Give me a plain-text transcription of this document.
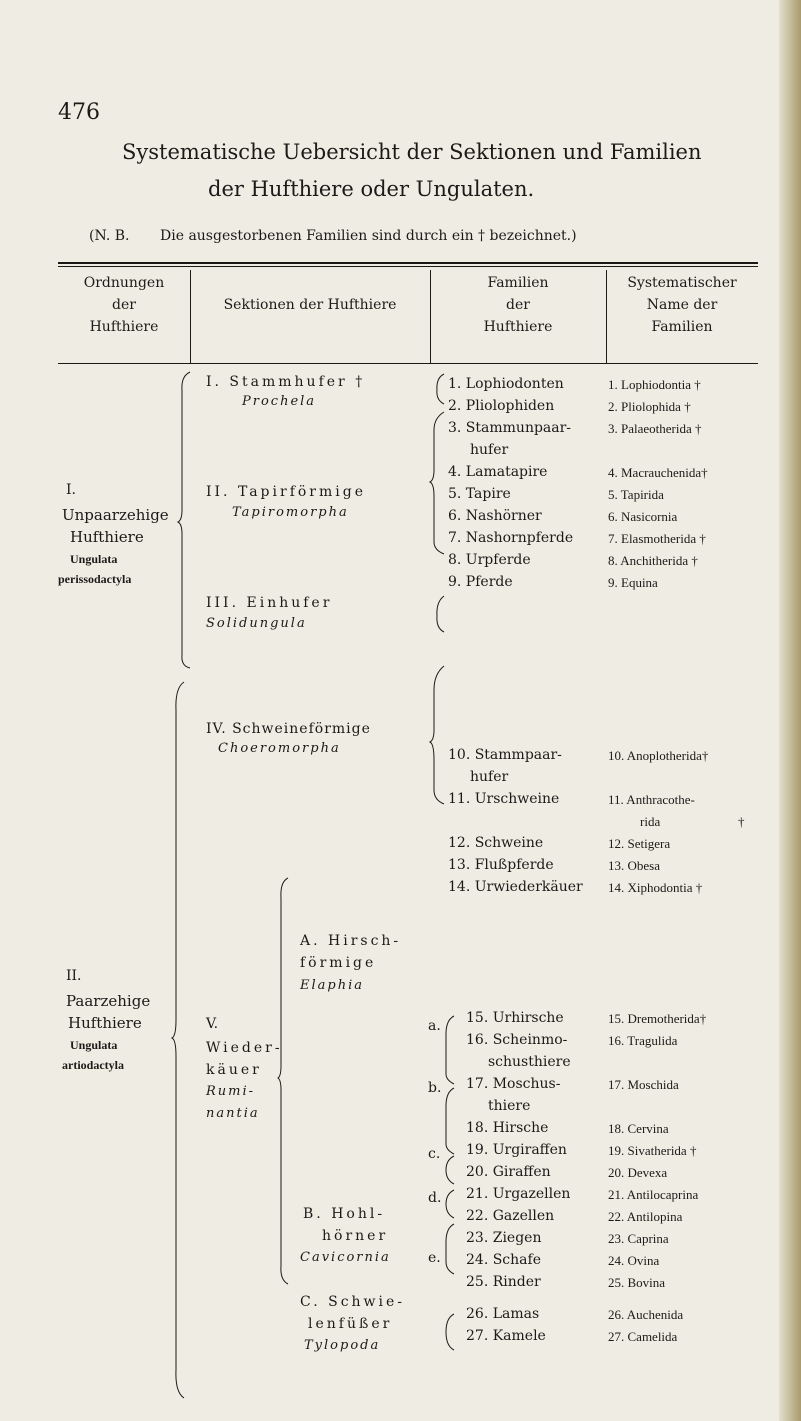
476
Systematische Uebersicht der Sektionen und Familien
der Hufthiere oder Ungulaten.
(N. B. Die ausgestorbenen Familien sind durch ein † bezeichnet.)
Ordnungen
der
Hufthiere
Sektionen der Hufthiere
Familien
der
Hufthiere
Systematischer
Name der
Familien
I.
Unpaarzehige
Hufthiere
Ungulata
perissodactyla
II.
Paarzehige
Hufthiere
Ungulata
artiodactyla
I. Stammhufer †
Prochela
II. Tapirförmige
Tapiromorpha
III. Einhufer
Solidungula
IV. Schweineförmige
Choeromorpha
V.
Wieder-
käuer
Rumi-
nantia
A. Hirsch-
förmige
Elaphia
B. Hohl-
hörner
Cavicornia
C. Schwie-
lenfüßer
Tylopoda
a.
b.
c.
d.
e.
1. Lophiodonten
2. Pliolophiden
3. Stammunpaar-
hufer
4. Lamatapire
5. Tapire
6. Nashörner
7. Nashornpferde
8. Urpferde
9. Pferde
10. Stammpaar-
hufer
11. Urschweine
12. Schweine
13. Flußpferde
14. Urwiederkäuer
15. Urhirsche
16. Scheinmo-
schusthiere
17. Moschus-
thiere
18. Hirsche
19. Urgiraffen
20. Giraffen
21. Urgazellen
22. Gazellen
23. Ziegen
24. Schafe
25. Rinder
26. Lamas
27. Kamele
1. Lophiodontia †
2. Pliolophida †
3. Palaeotherida †
4. Macrauchenida†
5. Tapirida
6. Nasicornia
7. Elasmotherida †
8. Anchitherida †
9. Equina
10. Anoplotherida†
11. Anthracothe-
rida	†
12. Setigera
13. Obesa
14. Xiphodontia †
15. Dremotherida†
16. Tragulida
17. Moschida
18. Cervina
19. Sivatherida †
20. Devexa
21. Antilocaprina
22. Antilopina
23. Caprina
24. Ovina
25. Bovina
26. Auchenida
27. Camelida
